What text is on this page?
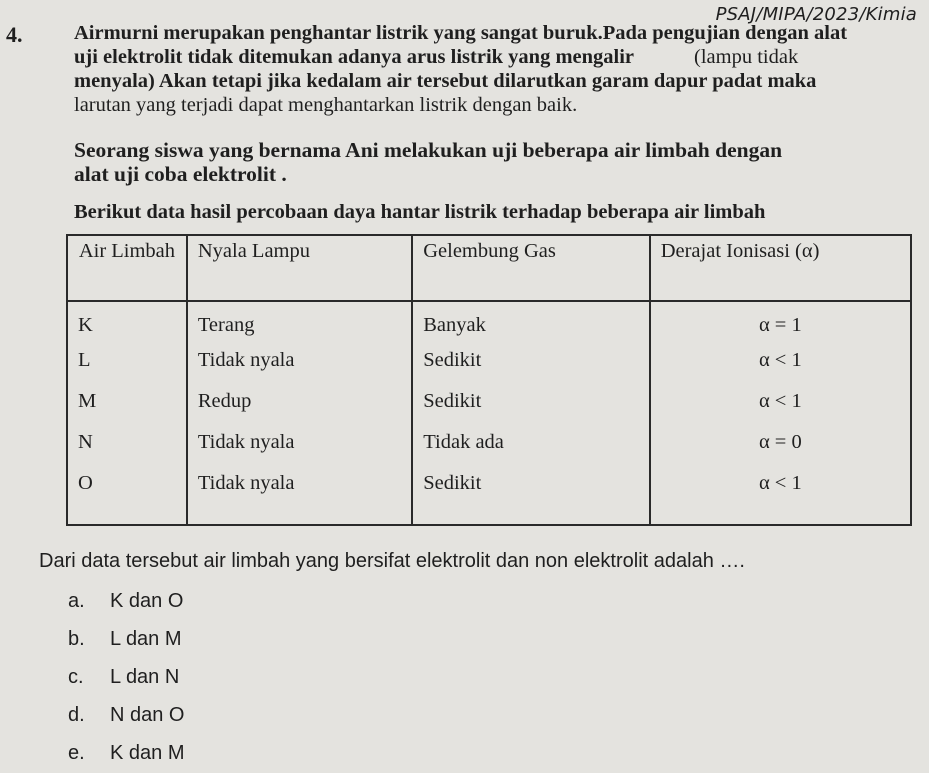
PSAJ/MIPA/2023/Kimia
4.	Airmurni merupakan penghantar listrik yang sangat buruk.Pada pengujian dengan alat
uji elektrolit tidak ditemukan adanya arus listrik yang mengalir	(lampu tidak
menyala) Akan tetapi jika kedalam air tersebut dilarutkan garam dapur padat maka
larutan yang terjadi dapat menghantarkan listrik dengan baik.
Seorang siswa yang bernama Ani melakukan uji beberapa air limbah dengan
alat uji coba elektrolit .
Berikut data hasil percobaan daya hantar listrik terhadap beberapa air limbah
Air Limbah	Nyala Lampu	Gelembung Gas	Derajat Ionisasi (α)
K	Terang	Banyak	α = 1
L	Tidak nyala	Sedikit	α < 1
M	Redup	Sedikit	α < 1
N	Tidak nyala	Tidak ada	α = 0
O	Tidak nyala	Sedikit	α < 1
Dari data tersebut air limbah yang bersifat elektrolit dan non elektrolit adalah ….
a.	K dan O
b.	L dan M
c.	L dan N
d.	N dan O
e.	K dan M
